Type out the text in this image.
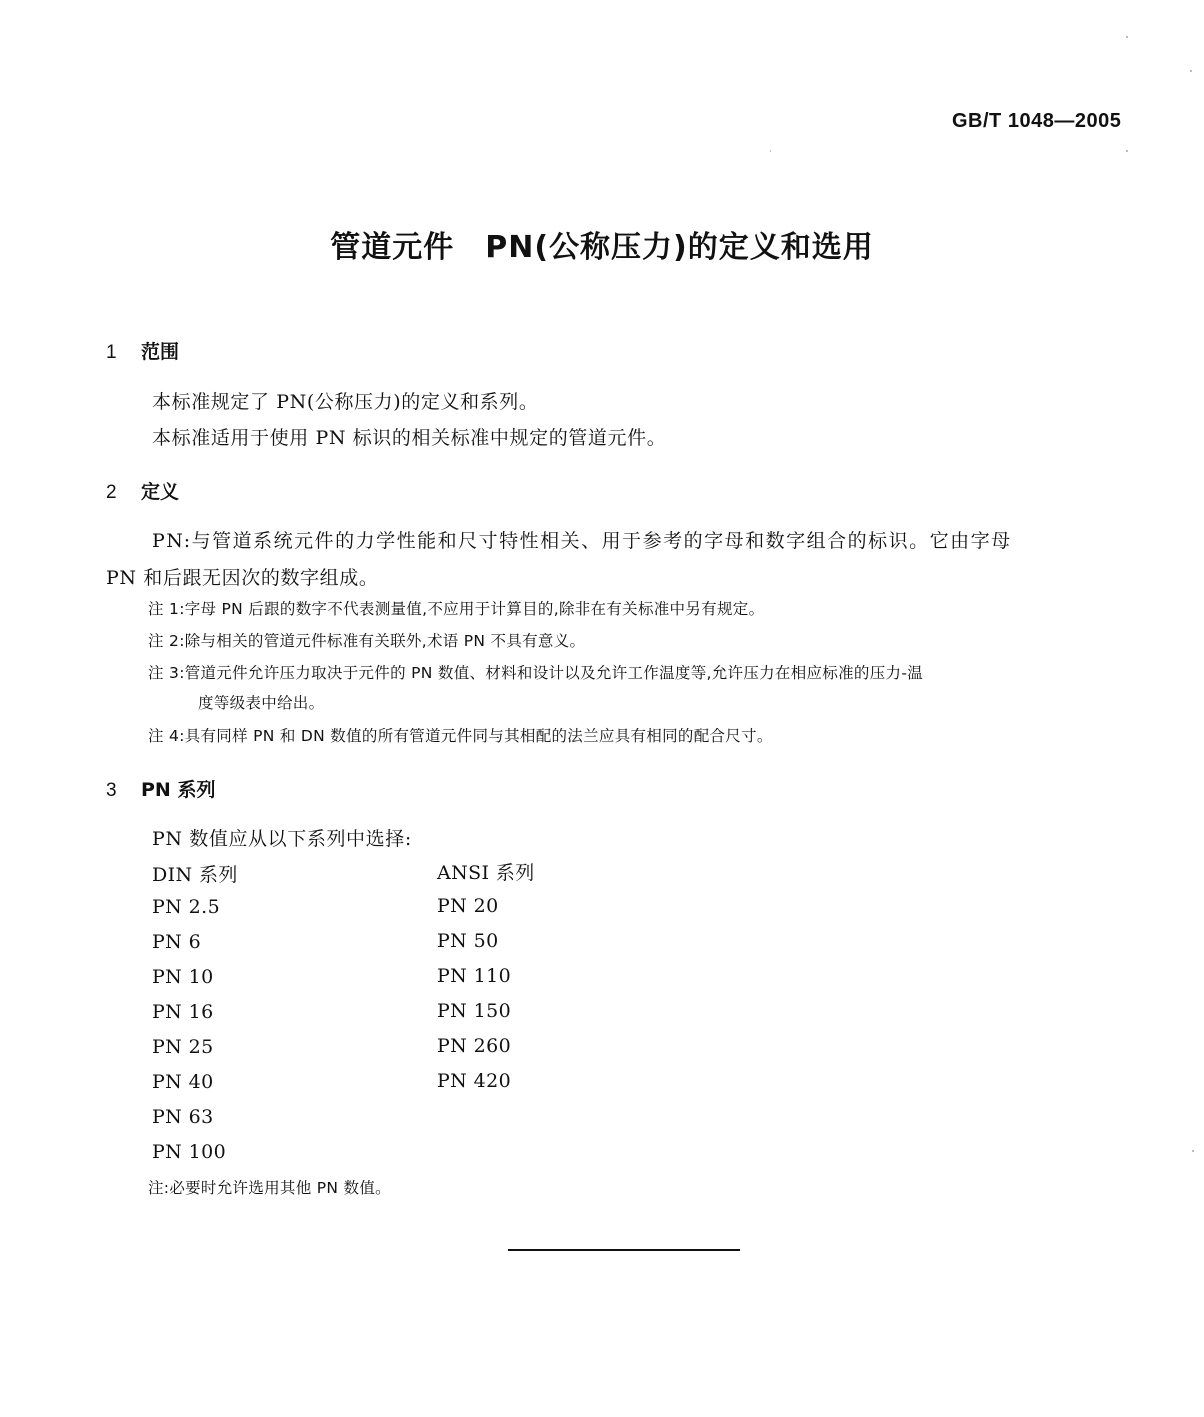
GB/T 1048—2005
管道元件　PN(公称压力)的定义和选用
1 范围
本标准规定了 PN(公称压力)的定义和系列。
本标准适用于使用 PN 标识的相关标准中规定的管道元件。
2 定义
PN:与管道系统元件的力学性能和尺寸特性相关、用于参考的字母和数字组合的标识。它由字母
PN 和后跟无因次的数字组成。
注 1:字母 PN 后跟的数字不代表测量值,不应用于计算目的,除非在有关标准中另有规定。
注 2:除与相关的管道元件标准有关联外,术语 PN 不具有意义。
注 3:管道元件允许压力取决于元件的 PN 数值、材料和设计以及允许工作温度等,允许压力在相应标准的压力-温
度等级表中给出。
注 4:具有同样 PN 和 DN 数值的所有管道元件同与其相配的法兰应具有相同的配合尺寸。
3 PN 系列
PN 数值应从以下系列中选择:
DIN 系列	ANSI 系列
PN 2.5
PN 6
PN 10
PN 16
PN 25
PN 40
PN 63
PN 100
PN 20
PN 50
PN 110
PN 150
PN 260
PN 420
注:必要时允许选用其他 PN 数值。
